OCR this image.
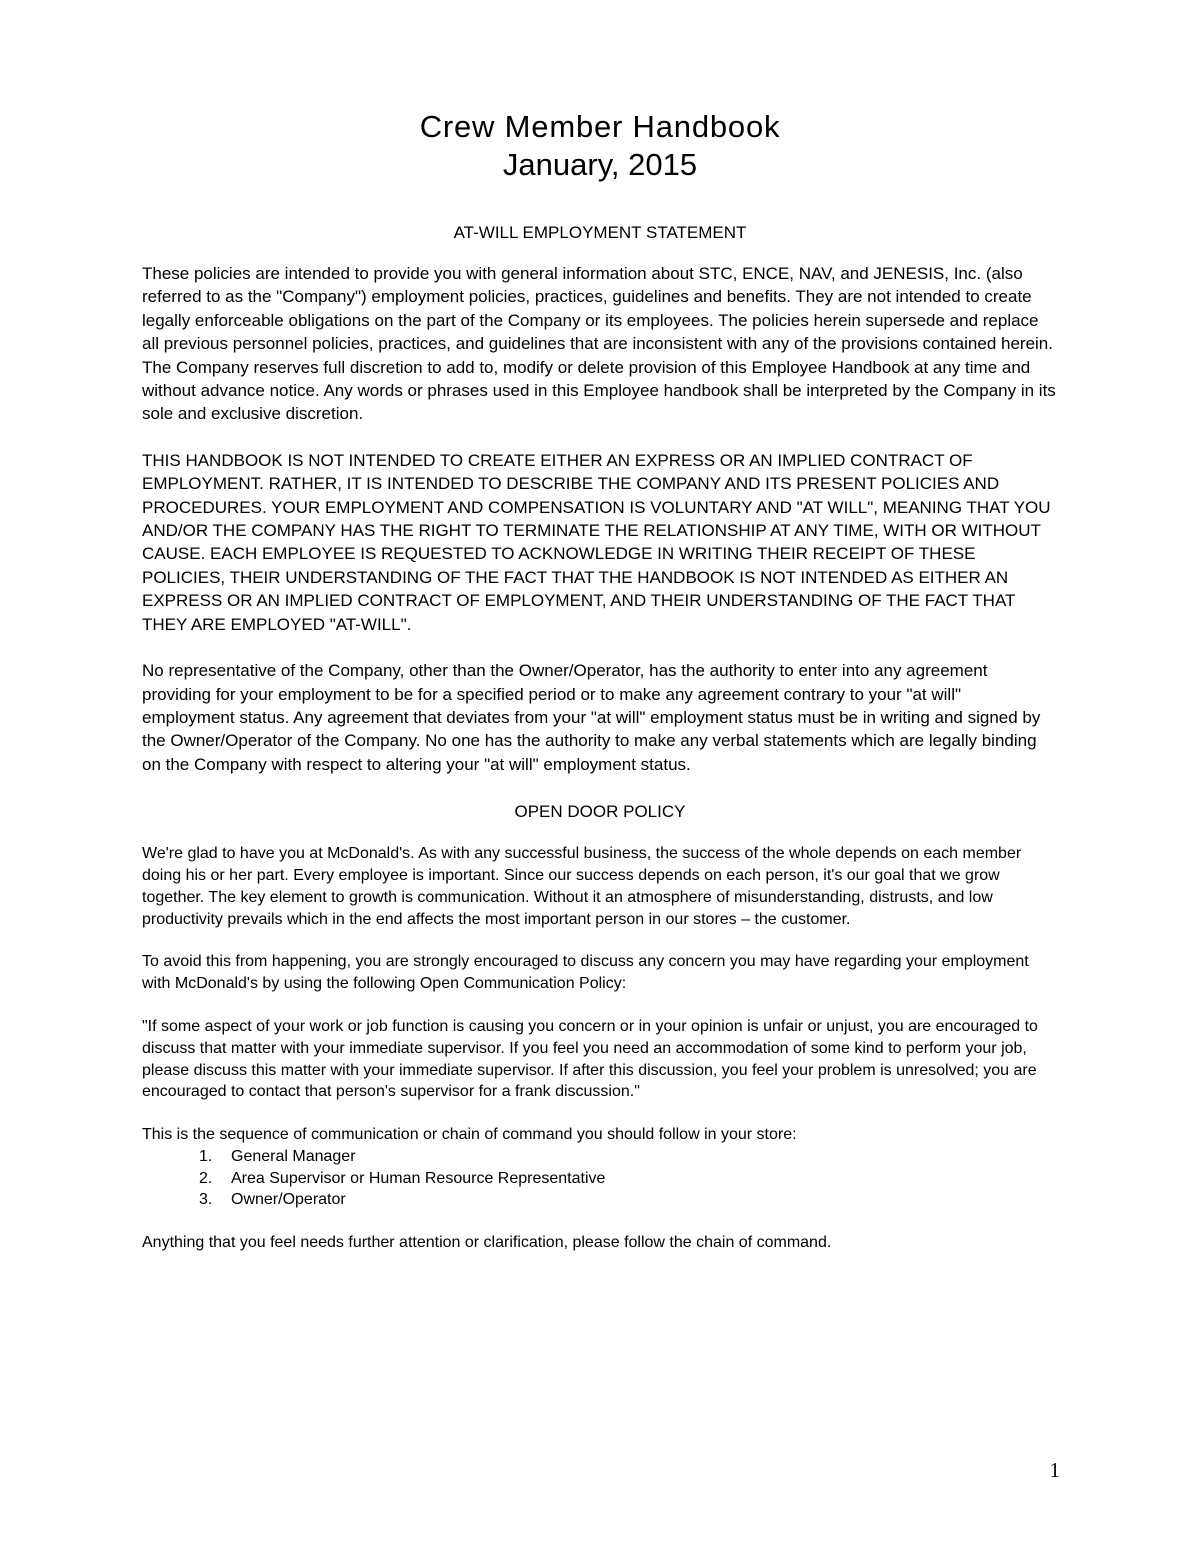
Crew Member Handbook
January, 2015
AT-WILL EMPLOYMENT STATEMENT

These policies are intended to provide you with general information about STC, ENCE, NAV, and JENESIS, Inc. (also referred to as the "Company") employment policies, practices, guidelines and benefits. They are not intended to create legally enforceable obligations on the part of the Company or its employees. The policies herein supersede and replace all previous personnel policies, practices, and guidelines that are inconsistent with any of the provisions contained herein. The Company reserves full discretion to add to, modify or delete provision of this Employee Handbook at any time and without advance notice. Any words or phrases used in this Employee handbook shall be interpreted by the Company in its sole and exclusive discretion.

THIS HANDBOOK IS NOT INTENDED TO CREATE EITHER AN EXPRESS OR AN IMPLIED CONTRACT OF EMPLOYMENT. RATHER, IT IS INTENDED TO DESCRIBE THE COMPANY AND ITS PRESENT POLICIES AND PROCEDURES. YOUR EMPLOYMENT AND COMPENSATION IS VOLUNTARY AND "AT WILL", MEANING THAT YOU AND/OR THE COMPANY HAS THE RIGHT TO TERMINATE THE RELATIONSHIP AT ANY TIME, WITH OR WITHOUT CAUSE. EACH EMPLOYEE IS REQUESTED TO ACKNOWLEDGE IN WRITING THEIR RECEIPT OF THESE POLICIES, THEIR UNDERSTANDING OF THE FACT THAT THE HANDBOOK IS NOT INTENDED AS EITHER AN EXPRESS OR AN IMPLIED CONTRACT OF EMPLOYMENT, AND THEIR UNDERSTANDING OF THE FACT THAT THEY ARE EMPLOYED "AT-WILL".

No representative of the Company, other than the Owner/Operator, has the authority to enter into any agreement providing for your employment to be for a specified period or to make any agreement contrary to your "at will" employment status. Any agreement that deviates from your "at will" employment status must be in writing and signed by the Owner/Operator of the Company. No one has the authority to make any verbal statements which are legally binding on the Company with respect to altering your "at will" employment status.

OPEN DOOR POLICY

We're glad to have you at McDonald's. As with any successful business, the success of the whole depends on each member doing his or her part. Every employee is important. Since our success depends on each person, it's our goal that we grow together. The key element to growth is communication. Without it an atmosphere of misunderstanding, distrusts, and low productivity prevails which in the end affects the most important person in our stores – the customer.

To avoid this from happening, you are strongly encouraged to discuss any concern you may have regarding your employment with McDonald's by using the following Open Communication Policy:

"If some aspect of your work or job function is causing you concern or in your opinion is unfair or unjust, you are encouraged to discuss that matter with your immediate supervisor. If you feel you need an accommodation of some kind to perform your job, please discuss this matter with your immediate supervisor. If after this discussion, you feel your problem is unresolved; you are encouraged to contact that person's supervisor for a frank discussion."

This is the sequence of communication or chain of command you should follow in your store:

1.	General Manager
2.	Area Supervisor or Human Resource Representative
3.	Owner/Operator

Anything that you feel needs further attention or clarification, please follow the chain of command.

1
